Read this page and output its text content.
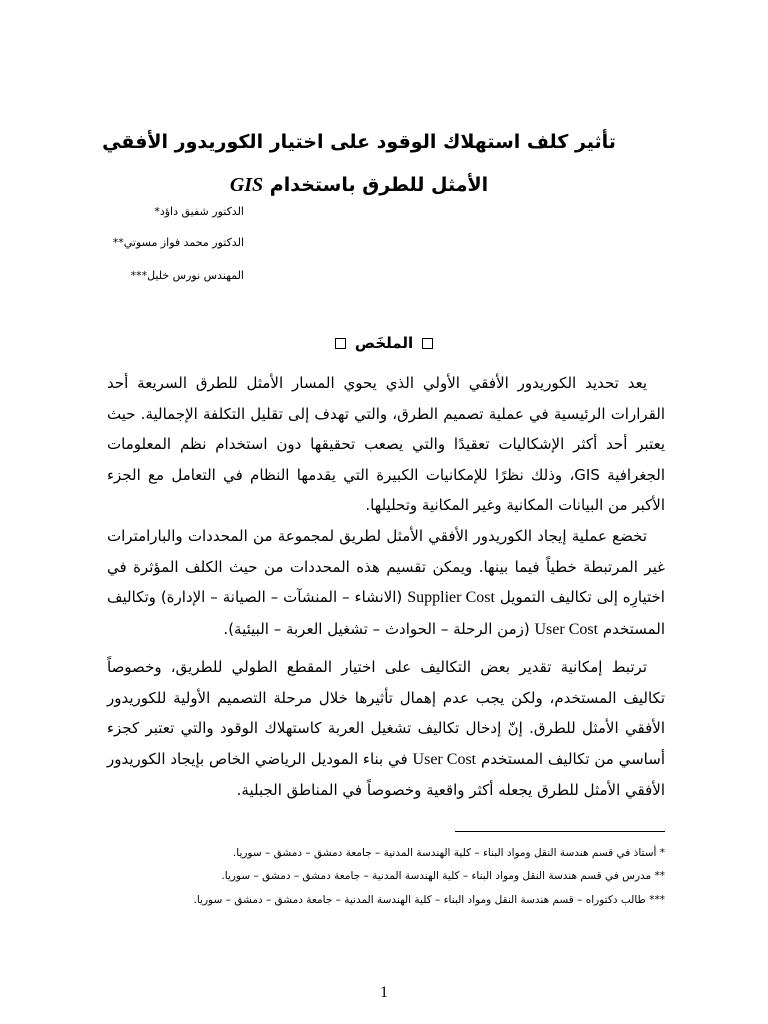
تأثير كلف استهلاك الوقود على اختيار الكوريدور الأفقي
الأمثل للطرق باستخدام GIS
الدكتور شفيق داؤد*
الدكتور محمد فواز مسوتي**
المهندس نورس خليل***
الملخَص
يعد تحديد الكوريدور الأفقي الأولي الذي يحوي المسار الأمثل للطرق السريعة أحد القرارات الرئيسية في عملية تصميم الطرق، والتي تهدف إلى تقليل التكلفة الإجمالية. حيث يعتبر أحد أكثر الإشكاليات تعقيدًا والتي يصعب تحقيقها دون استخدام نظم المعلومات الجغرافية GIS، وذلك نظرًا للإمكانيات الكبيرة التي يقدمها النظام في التعامل مع الجزء الأكبر من البيانات المكانية وغير المكانية وتحليلها.
تخضع عملية إيجاد الكوريدور الأفقي الأمثل لطريق لمجموعة من المحددات والبارامترات غير المرتبطة خطياً فيما بينها. ويمكن تقسيم هذه المحددات من حيث الكلف المؤثرة في اختيارِه إلى تكاليف التمويل Supplier Cost (الانشاء – المنشآت – الصيانة – الإدارة) وتكاليف المستخدم User Cost (زمن الرحلة – الحوادث – تشغيل العربة – البيئية).
ترتبط إمكانية تقدير بعض التكاليف على اختيار المقطع الطولي للطريق، وخصوصاً تكاليف المستخدم، ولكن يجب عدم إهمال تأثيرها خلال مرحلة التصميم الأولية للكوريدور الأفقي الأمثل للطرق. إنّ إدخال تكاليف تشغيل العربة كاستهلاك الوقود والتي تعتبر كجزء أساسي من تكاليف المستخدم User Cost في بناء الموديل الرياضي الخاص بإيجاد الكوريدور الأفقي الأمثل للطرق يجعله أكثر واقعية وخصوصاً في المناطق الجبلية.
* أستاذ في قسم هندسة النقل ومواد البناء – كلية الهندسة المدنية – جامعة دمشق – دمشق – سوريا.
** مدرس في قسم هندسة النقل ومواد البناء – كلية الهندسة المدنية – جامعة دمشق – دمشق – سوريا.
*** طالب دكتوراه – قسم هندسة النقل ومواد البناء – كلية الهندسة المدنية – جامعة دمشق – دمشق – سوريا.
1
